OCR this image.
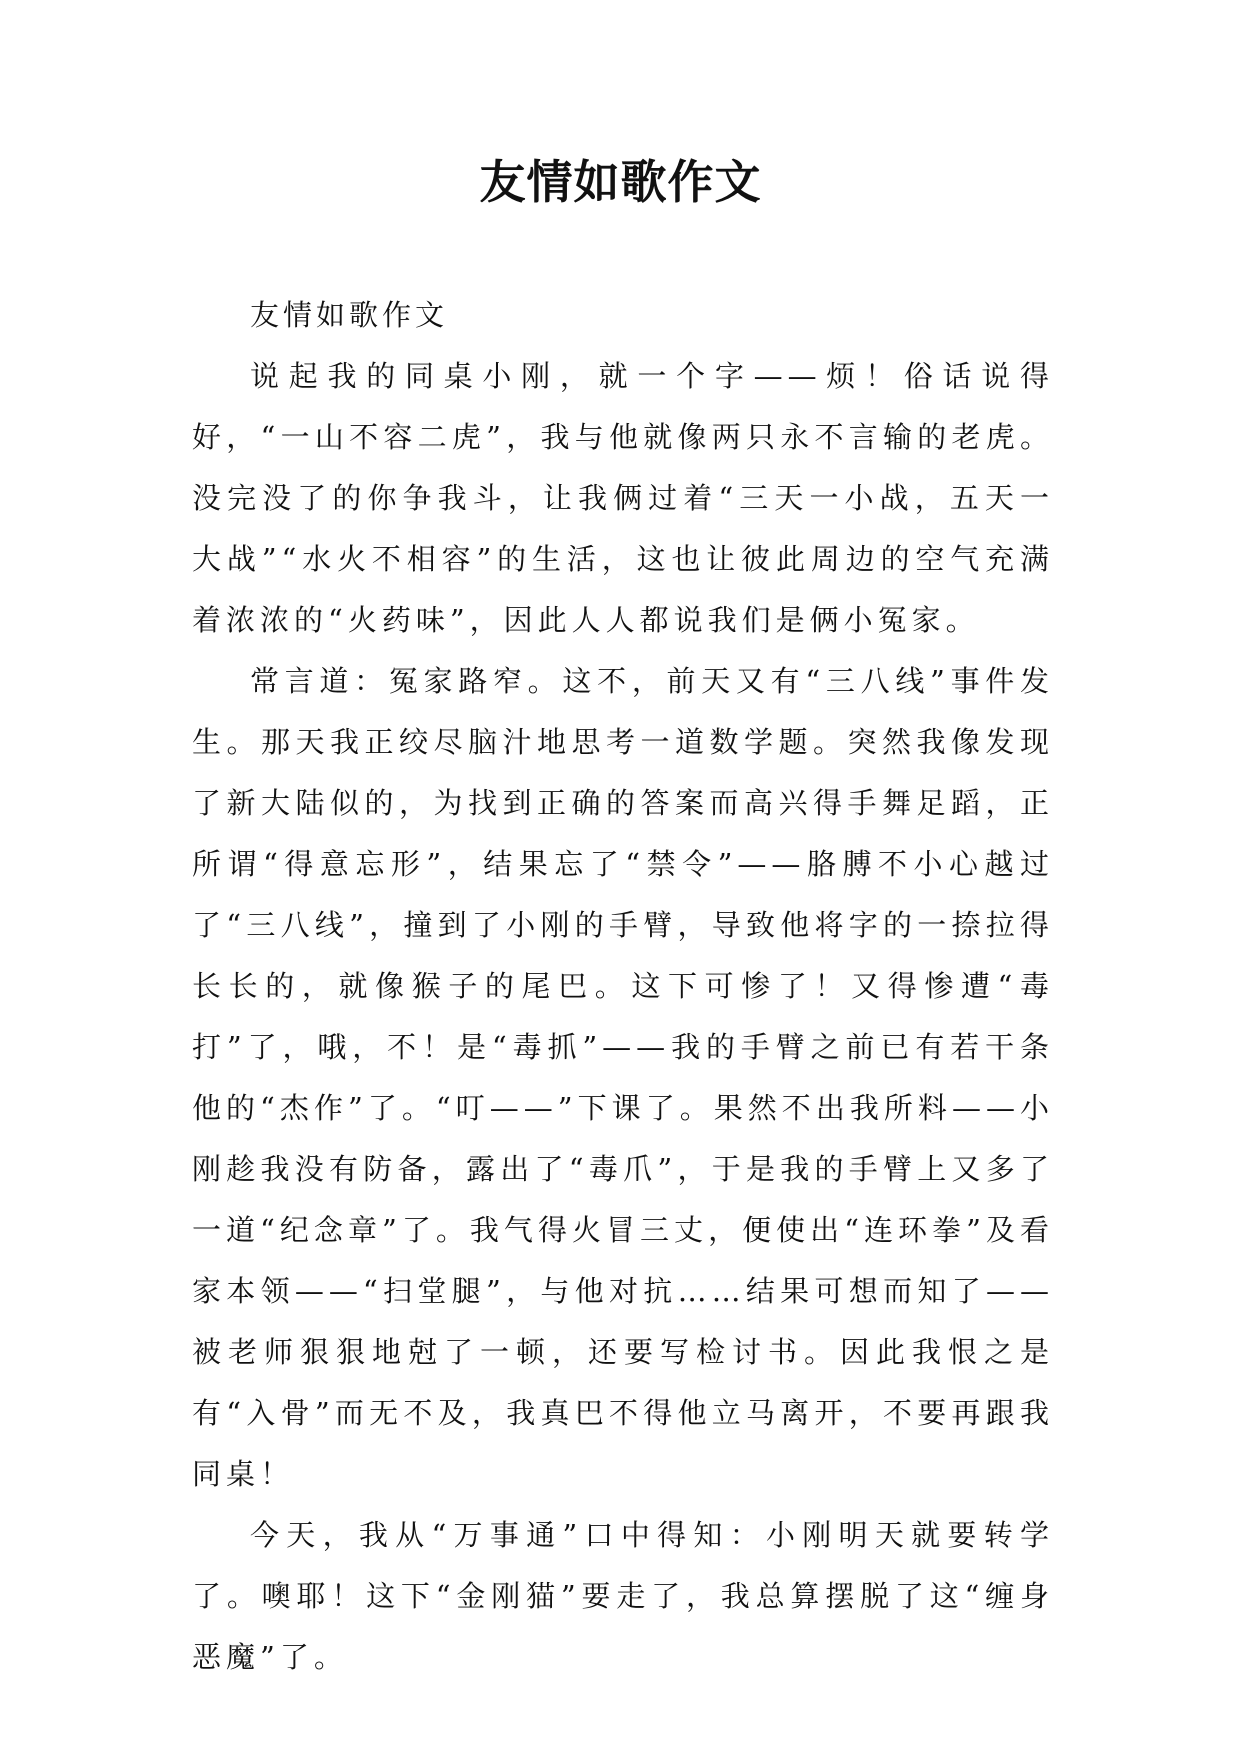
友情如歌作文

友情如歌作文

说起我的同桌小刚，就一个字——烦！俗话说得好，“一山不容二虎”，我与他就像两只永不言输的老虎。没完没了的你争我斗，让我俩过着“三天一小战，五天一大战”“水火不相容”的生活，这也让彼此周边的空气充满着浓浓的“火药味”，因此人人都说我们是俩小冤家。

常言道：冤家路窄。这不，前天又有“三八线”事件发生。那天我正绞尽脑汁地思考一道数学题。突然我像发现了新大陆似的，为找到正确的答案而高兴得手舞足蹈，正所谓“得意忘形”，结果忘了“禁令”——胳膊不小心越过了“三八线”，撞到了小刚的手臂，导致他将字的一捺拉得长长的，就像猴子的尾巴。这下可惨了！又得惨遭“毒打”了，哦，不！是“毒抓”——我的手臂之前已有若干条他的“杰作”了。“叮——”下课了。果然不出我所料——小刚趁我没有防备，露出了“毒爪”，于是我的手臂上又多了一道“纪念章”了。我气得火冒三丈，便使出“连环拳”及看家本领——“扫堂腿”，与他对抗……结果可想而知了——被老师狠狠地尅了一顿，还要写检讨书。因此我恨之是有“入骨”而无不及，我真巴不得他立马离开，不要再跟我同桌！

今天，我从“万事通”口中得知：小刚明天就要转学了。噢耶！这下“金刚猫”要走了，我总算摆脱了这“缠身恶魔”了。
